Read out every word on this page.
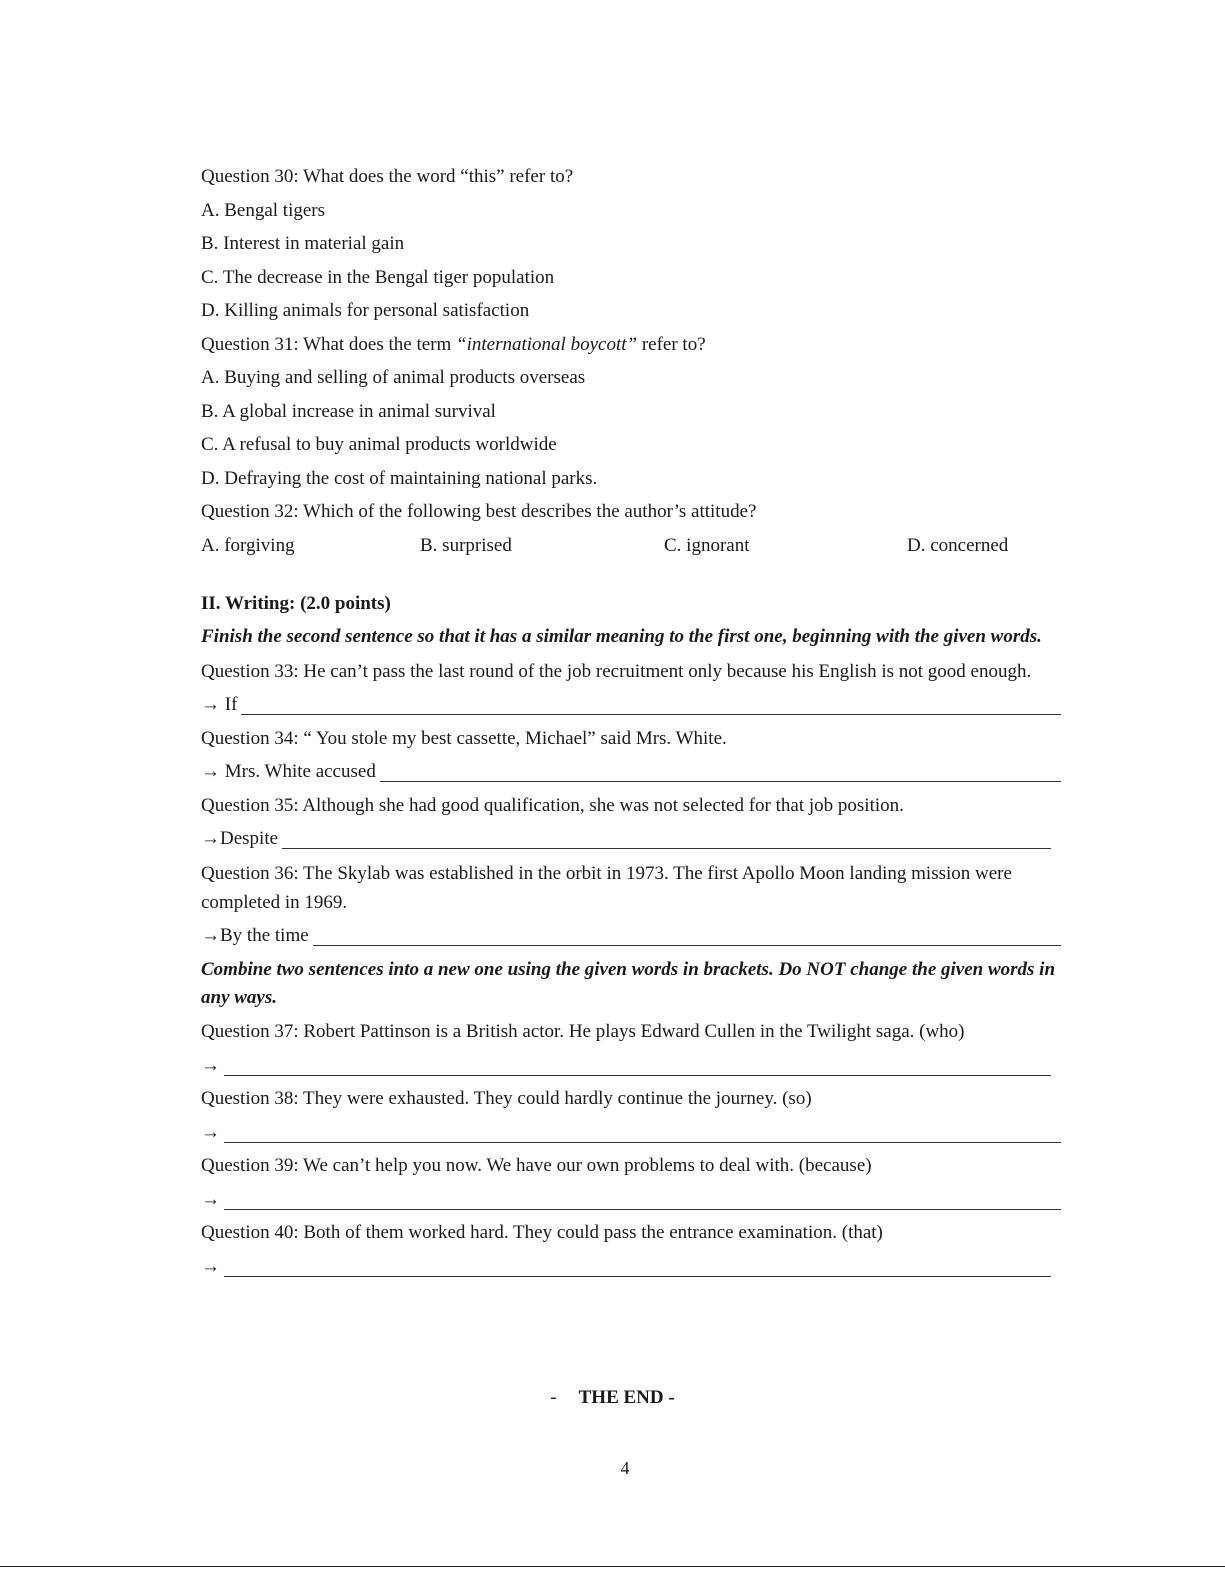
Question 30: What does the word “this” refer to?
A. Bengal tigers
B. Interest in material gain
C. The decrease in the Bengal tiger population
D. Killing animals for personal satisfaction
Question 31: What does the term “international boycott” refer to?
A. Buying and selling of animal products overseas
B. A global increase in animal survival
C. A refusal to buy animal products worldwide
D. Defraying the cost of maintaining national parks.
Question 32: Which of the following best describes the author’s attitude?
A. forgiving	B. surprised	C. ignorant	D. concerned
II. Writing: (2.0 points)
Finish the second sentence so that it has a similar meaning to the first one, beginning with the given words.
Question 33: He can’t pass the last round of the job recruitment only because his English is not good enough.
→ If
Question 34: “ You stole my best cassette, Michael” said Mrs. White.
→ Mrs. White accused
Question 35: Although she had good qualification, she was not selected for that job position.
→Despite
Question 36: The Skylab was established in the orbit in 1973. The first Apollo Moon landing mission were completed in 1969.
→By the time
Combine two sentences into a new one using the given words in brackets. Do NOT change the given words in any ways.
Question 37: Robert Pattinson is a British actor. He plays Edward Cullen in the Twilight saga. (who)
→
Question 38: They were exhausted. They could hardly continue the journey. (so)
→
Question 39: We can’t help you now. We have our own problems to deal with. (because)
→
Question 40: Both of them worked hard. They could pass the entrance examination. (that)
→
- THE END -
4
